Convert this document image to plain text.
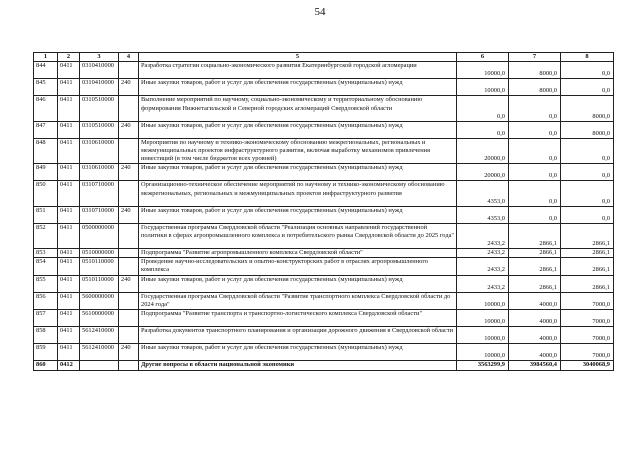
54
1	2	3	4	5	6	7	8
844	0411	0310410000		Разработка стратегии социально-экономического развития Екатеринбургской городской агломерации	10000,0	8000,0	0,0
845	0411	0310410000	240	Иные закупки товаров, работ и услуг для обеспечения государственных (муниципальных) нужд	10000,0	8000,0	0,0
846	0411	0310510000		Выполнение мероприятий по научному, социально-экономическому и территориальному обоснованию формирования Нижнетагильской и Северной городских агломераций Свердловской области	0,0	0,0	8000,0
847	0411	0310510000	240	Иные закупки товаров, работ и услуг для обеспечения государственных (муниципальных) нужд	0,0	0,0	8000,0
848	0411	0310610000		Мероприятия по научному и технико-экономическому обоснованию межрегиональных, региональных и межмуниципальных проектов инфраструктурного развития, включая выработку механизмов привлечения инвестиций (в том числе бюджетов всех уровней)	20000,0	0,0	0,0
849	0411	0310610000	240	Иные закупки товаров, работ и услуг для обеспечения государственных (муниципальных) нужд	20000,0	0,0	0,0
850	0411	0310710000		Организационно-техническое обеспечение мероприятий по научному и технико-экономическому обоснованию межрегиональных, региональных и межмуниципальных проектов инфраструктурного развития	4353,0	0,0	0,0
851	0411	0310710000	240	Иные закупки товаров, работ и услуг для обеспечения государственных (муниципальных) нужд	4353,0	0,0	0,0
852	0411	0500000000		Государственная программа Свердловской области "Реализация основных направлений государственной политики в сферах агропромышленного комплекса и потребительского рынка Свердловской области до 2025 года"	2433,2	2866,1	2866,1
853	0411	0510000000		Подпрограмма "Развитие агропромышленного комплекса Свердловской области"	2433,2	2866,1	2866,1
854	0411	0510110000		Проведение научно-исследовательских и опытно-конструкторских работ в отраслях агропромышленного комплекса	2433,2	2866,1	2866,1
855	0411	0510110000	240	Иные закупки товаров, работ и услуг для обеспечения государственных (муниципальных) нужд	2433,2	2866,1	2866,1
856	0411	5600000000		Государственная программа Свердловской области "Развитие транспортного комплекса Свердловской области до 2024 года"	10000,0	4000,0	7000,0
857	0411	5610000000		Подпрограмма "Развитие транспорта и транспортно-логистического комплекса Свердловской области"	10000,0	4000,0	7000,0
858	0411	5612410000		Разработка документов транспортного планирования и организации дорожного движения в Свердловской области	10000,0	4000,0	7000,0
859	0411	5612410000	240	Иные закупки товаров, работ и услуг для обеспечения государственных (муниципальных) нужд	10000,0	4000,0	7000,0
860	0412			Другие вопросы в области национальной экономики	3563299,9	3984560,4	3040068,9
